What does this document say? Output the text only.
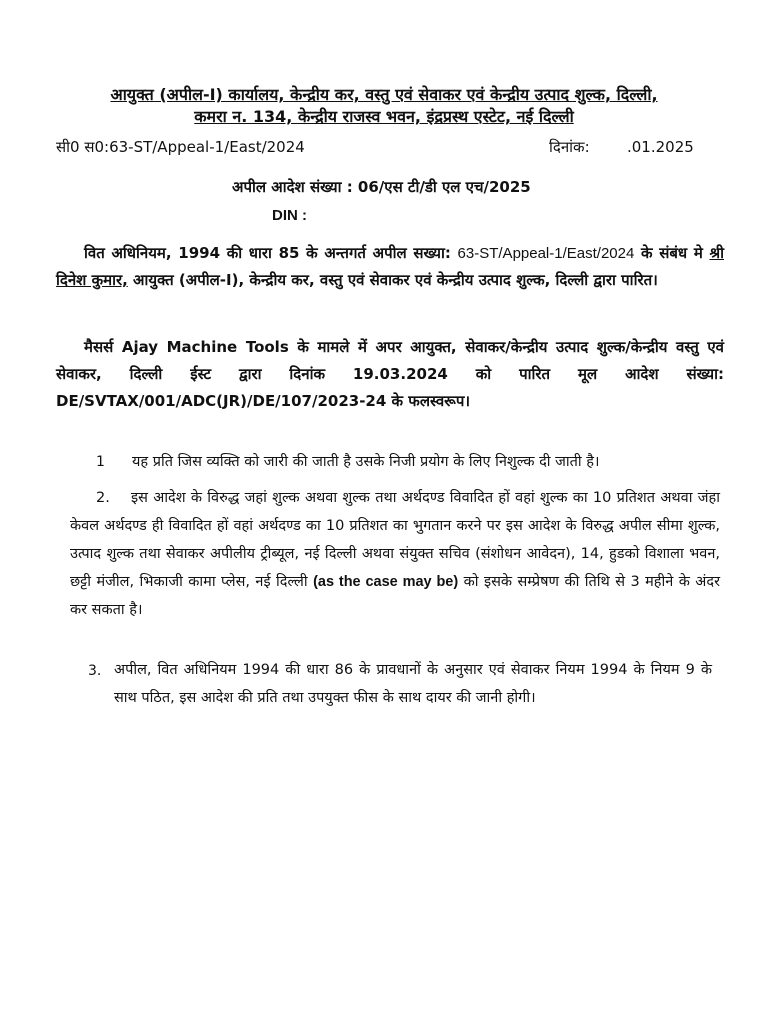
आयुक्त (अपील-I) कार्यालय, केन्द्रीय कर, वस्तु एवं सेवाकर एवं केन्द्रीय उत्पाद शुल्क, दिल्ली,
कमरा न. 134, केन्द्रीय राजस्व भवन, इंद्रप्रस्थ एस्टेट, नई दिल्ली
सी0 स0:63-ST/Appeal-1/East/2024	दिनांक: .01.2025
अपील आदेश संख्या : 06/एस टी/डी एल एच/2025
DIN :
वित अधिनियम, 1994 की धारा 85 के अन्तगर्त अपील सख्या: 63-ST/Appeal-1/East/2024 के संबंध मे श्री दिनेश कुमार, आयुक्त (अपील-I), केन्द्रीय कर, वस्तु एवं सेवाकर एवं केन्द्रीय उत्पाद शुल्क, दिल्ली द्वारा पारित।
मैसर्स Ajay Machine Tools के मामले में अपर आयुक्त, सेवाकर/केन्द्रीय उत्पाद शुल्क/केन्द्रीय वस्तु एवं सेवाकर, दिल्ली ईस्ट द्वारा दिनांक 19.03.2024 को पारित मूल आदेश संख्या: DE/SVTAX/001/ADC(JR)/DE/107/2023-24 के फलस्वरूप।
1 यह प्रति जिस व्यक्ति को जारी की जाती है उसके निजी प्रयोग के लिए निशुल्क दी जाती है।
2. इस आदेश के विरुद्ध जहां शुल्क अथवा शुल्क तथा अर्थदण्ड विवादित हों वहां शुल्क का 10 प्रतिशत अथवा जंहा केवल अर्थदण्ड ही विवादित हों वहां अर्थदण्ड का 10 प्रतिशत का भुगतान करने पर इस आदेश के विरुद्ध अपील सीमा शुल्क, उत्पाद शुल्क तथा सेवाकर अपीलीय ट्रीब्यूल, नई दिल्ली अथवा संयुक्त सचिव (संशोधन आवेदन), 14, हुडको विशाला भवन, छट्टी मंजील, भिकाजी कामा प्लेस, नई दिल्ली (as the case may be) को इसके सम्प्रेषण की तिथि से 3 महीने के अंदर कर सकता है।
3. अपील, वित अधिनियम 1994 की धारा 86 के प्रावधानों के अनुसार एवं सेवाकर नियम 1994 के नियम 9 के साथ पठित, इस आदेश की प्रति तथा उपयुक्त फीस के साथ दायर की जानी होगी।
